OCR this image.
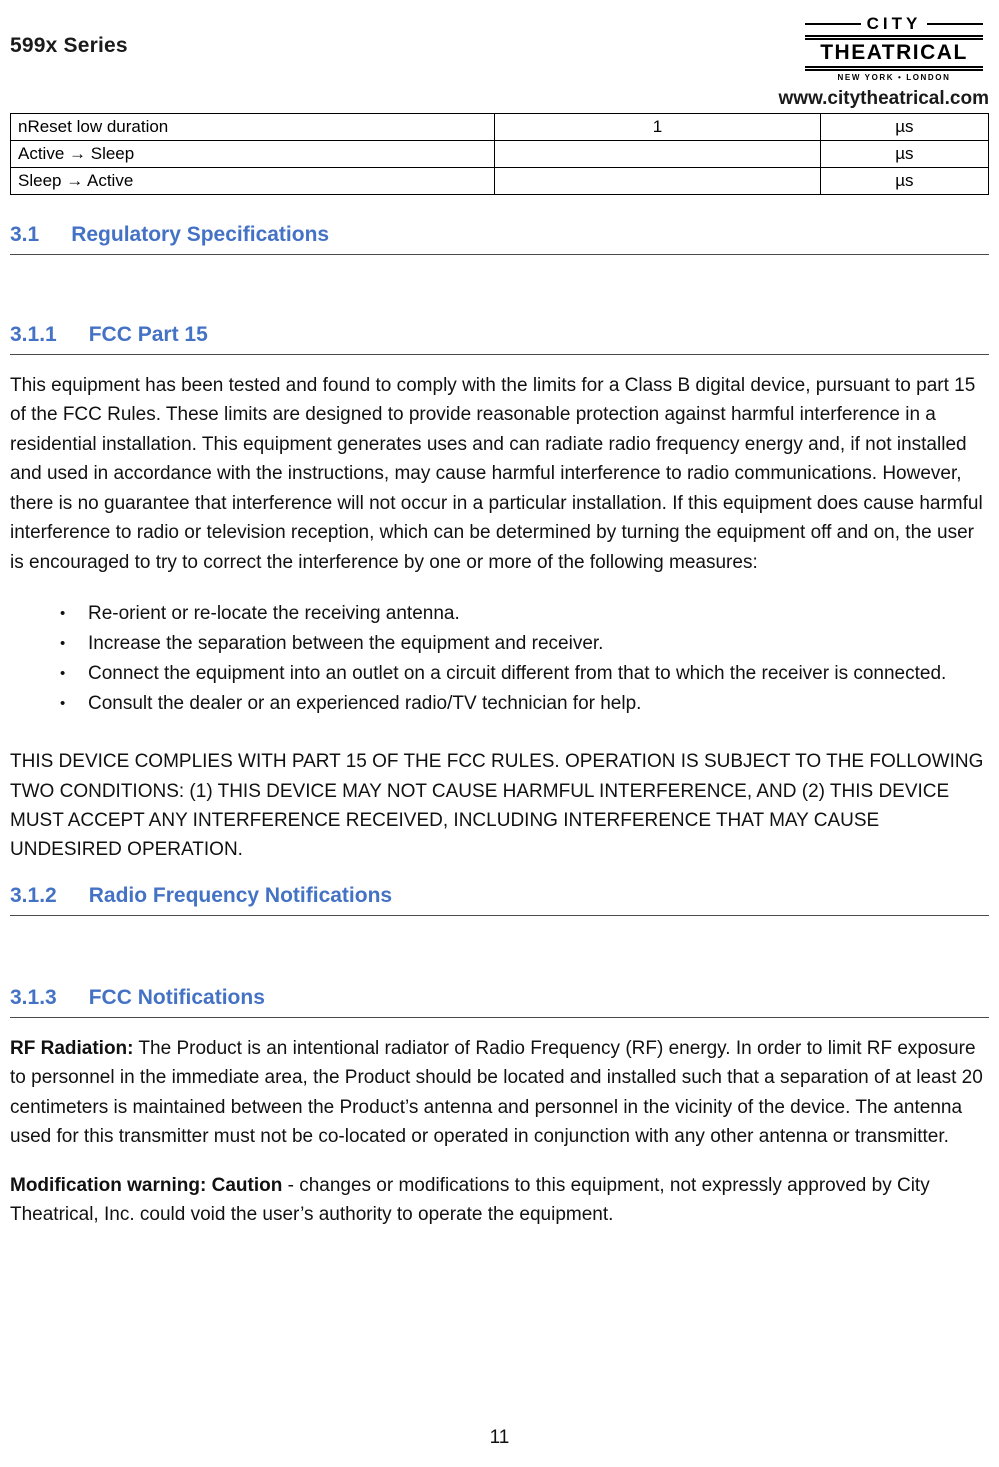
599x Series
CITY
THEATRICAL
NEW YORK • LONDON
www.citytheatrical.com
nReset low duration	1	µs
Active → Sleep		µs
Sleep → Active		µs
3.1 Regulatory Specifications
3.1.1 FCC Part 15

This equipment has been tested and found to comply with the limits for a Class B digital device, pursuant to part 15 of the FCC Rules. These limits are designed to provide reasonable protection against harmful interference in a residential installation. This equipment generates uses and can radiate radio frequency energy and, if not installed and used in accordance with the instructions, may cause harmful interference to radio communications. However, there is no guarantee that interference will not occur in a particular installation. If this equipment does cause harmful interference to radio or television reception, which can be determined by turning the equipment off and on, the user is encouraged to try to correct the interference by one or more of the following measures:

•	Re-orient or re-locate the receiving antenna.
•	Increase the separation between the equipment and receiver.
•	Connect the equipment into an outlet on a circuit different from that to which the receiver is connected.
•	Consult the dealer or an experienced radio/TV technician for help.

THIS DEVICE COMPLIES WITH PART 15 OF THE FCC RULES. OPERATION IS SUBJECT TO THE FOLLOWING TWO CONDITIONS: (1) THIS DEVICE MAY NOT CAUSE HARMFUL INTERFERENCE, AND (2) THIS DEVICE MUST ACCEPT ANY INTERFERENCE RECEIVED, INCLUDING INTERFERENCE THAT MAY CAUSE UNDESIRED OPERATION.

3.1.2 Radio Frequency Notifications
3.1.3 FCC Notifications

RF Radiation: The Product is an intentional radiator of Radio Frequency (RF) energy. In order to limit RF exposure to personnel in the immediate area, the Product should be located and installed such that a separation of at least 20 centimeters is maintained between the Product’s antenna and personnel in the vicinity of the device. The antenna used for this transmitter must not be co-located or operated in conjunction with any other antenna or transmitter.

Modification warning: Caution - changes or modifications to this equipment, not expressly approved by City Theatrical, Inc. could void the user’s authority to operate the equipment.

11
